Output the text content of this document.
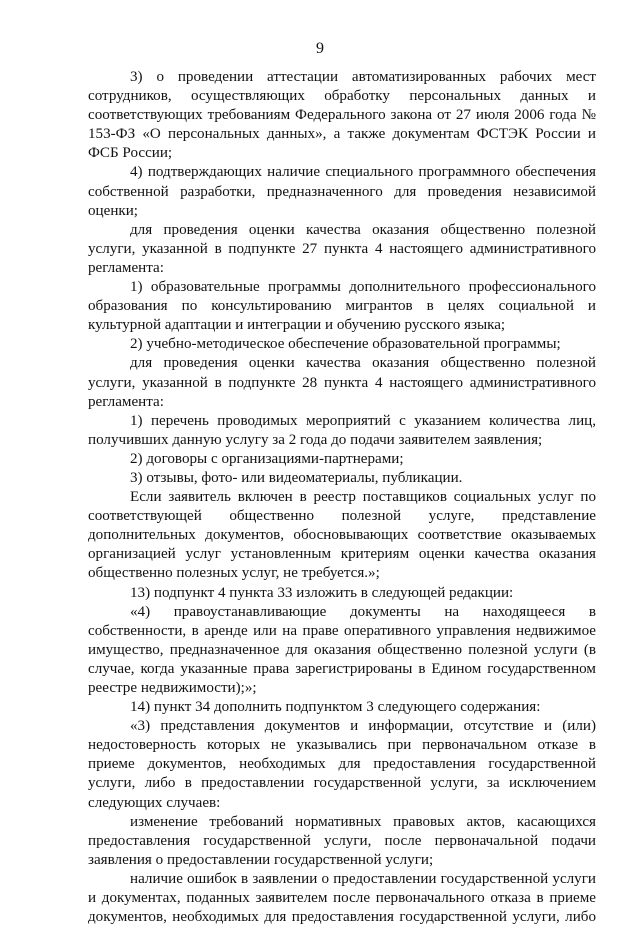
9

3) о проведении аттестации автоматизированных рабочих мест сотрудников, осуществляющих обработку персональных данных и соответствующих требованиям Федерального закона от 27 июля 2006 года № 153-ФЗ «О персональных данных», а также документам ФСТЭК России и ФСБ России;

4) подтверждающих наличие специального программного обеспечения собственной разработки, предназначенного для проведения независимой оценки;

для проведения оценки качества оказания общественно полезной услуги, указанной в подпункте 27 пункта 4 настоящего административного регламента:

1) образовательные программы дополнительного профессионального образования по консультированию мигрантов в целях социальной и культурной адаптации и интеграции и обучению русского языка;

2) учебно-методическое обеспечение образовательной программы;

для проведения оценки качества оказания общественно полезной услуги, указанной в подпункте 28 пункта 4 настоящего административного регламента:

1) перечень проводимых мероприятий с указанием количества лиц, получивших данную услугу за 2 года до подачи заявителем заявления;

2) договоры с организациями-партнерами;

3) отзывы, фото- или видеоматериалы, публикации.

Если заявитель включен в реестр поставщиков социальных услуг по соответствующей общественно полезной услуге, представление дополнительных документов, обосновывающих соответствие оказываемых организацией услуг установленным критериям оценки качества оказания общественно полезных услуг, не требуется.»;

13) подпункт 4 пункта 33 изложить в следующей редакции:

«4) правоустанавливающие документы на находящееся в собственности, в аренде или на праве оперативного управления недвижимое имущество, предназначенное для оказания общественно полезной услуги (в случае, когда указанные права зарегистрированы в Едином государственном реестре недвижимости);»;

14) пункт 34 дополнить подпунктом 3 следующего содержания:

«3) представления документов и информации, отсутствие и (или) недостоверность которых не указывались при первоначальном отказе в приеме документов, необходимых для предоставления государственной услуги, либо в предоставлении государственной услуги, за исключением следующих случаев:

изменение требований нормативных правовых актов, касающихся предоставления государственной услуги, после первоначальной подачи заявления о предоставлении государственной услуги;

наличие ошибок в заявлении о предоставлении государственной услуги и документах, поданных заявителем после первоначального отказа в приеме документов, необходимых для предоставления государственной услуги, либо
